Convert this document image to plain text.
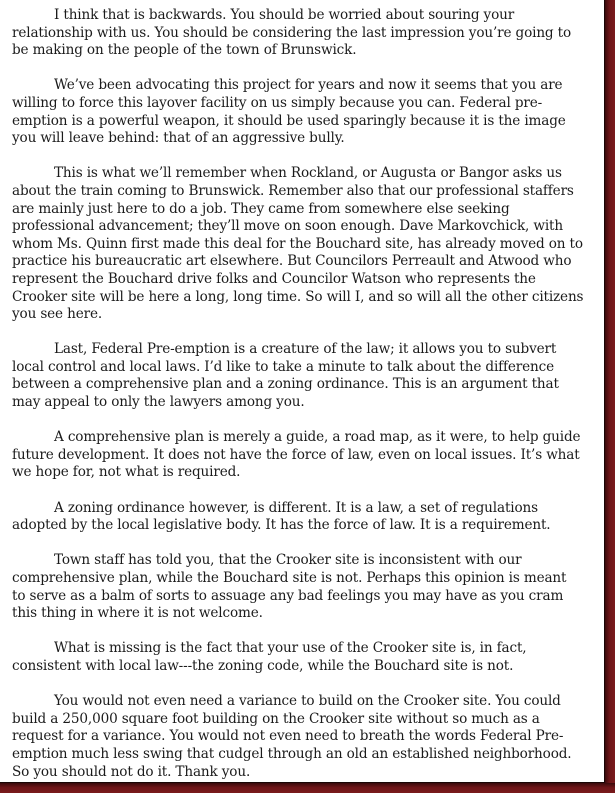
I think that is backwards. You should be worried about souring your
relationship with us. You should be considering the last impression you’re going to
be making on the people of the town of Brunswick.
We’ve been advocating this project for years and now it seems that you are
willing to force this layover facility on us simply because you can. Federal pre-
emption is a powerful weapon, it should be used sparingly because it is the image
you will leave behind: that of an aggressive bully.
This is what we’ll remember when Rockland, or Augusta or Bangor asks us
about the train coming to Brunswick. Remember also that our professional staffers
are mainly just here to do a job. They came from somewhere else seeking
professional advancement; they’ll move on soon enough. Dave Markovchick, with
whom Ms. Quinn first made this deal for the Bouchard site, has already moved on to
practice his bureaucratic art elsewhere. But Councilors Perreault and Atwood who
represent the Bouchard drive folks and Councilor Watson who represents the
Crooker site will be here a long, long time. So will I, and so will all the other citizens
you see here.
Last, Federal Pre-emption is a creature of the law; it allows you to subvert
local control and local laws. I’d like to take a minute to talk about the difference
between a comprehensive plan and a zoning ordinance. This is an argument that
may appeal to only the lawyers among you.
A comprehensive plan is merely a guide, a road map, as it were, to help guide
future development. It does not have the force of law, even on local issues. It’s what
we hope for, not what is required.
A zoning ordinance however, is different. It is a law, a set of regulations
adopted by the local legislative body. It has the force of law. It is a requirement.
Town staff has told you, that the Crooker site is inconsistent with our
comprehensive plan, while the Bouchard site is not. Perhaps this opinion is meant
to serve as a balm of sorts to assuage any bad feelings you may have as you cram
this thing in where it is not welcome.
What is missing is the fact that your use of the Crooker site is, in fact,
consistent with local law---the zoning code, while the Bouchard site is not.
You would not even need a variance to build on the Crooker site. You could
build a 250,000 square foot building on the Crooker site without so much as a
request for a variance. You would not even need to breath the words Federal Pre-
emption much less swing that cudgel through an old an established neighborhood.
So you should not do it. Thank you.
